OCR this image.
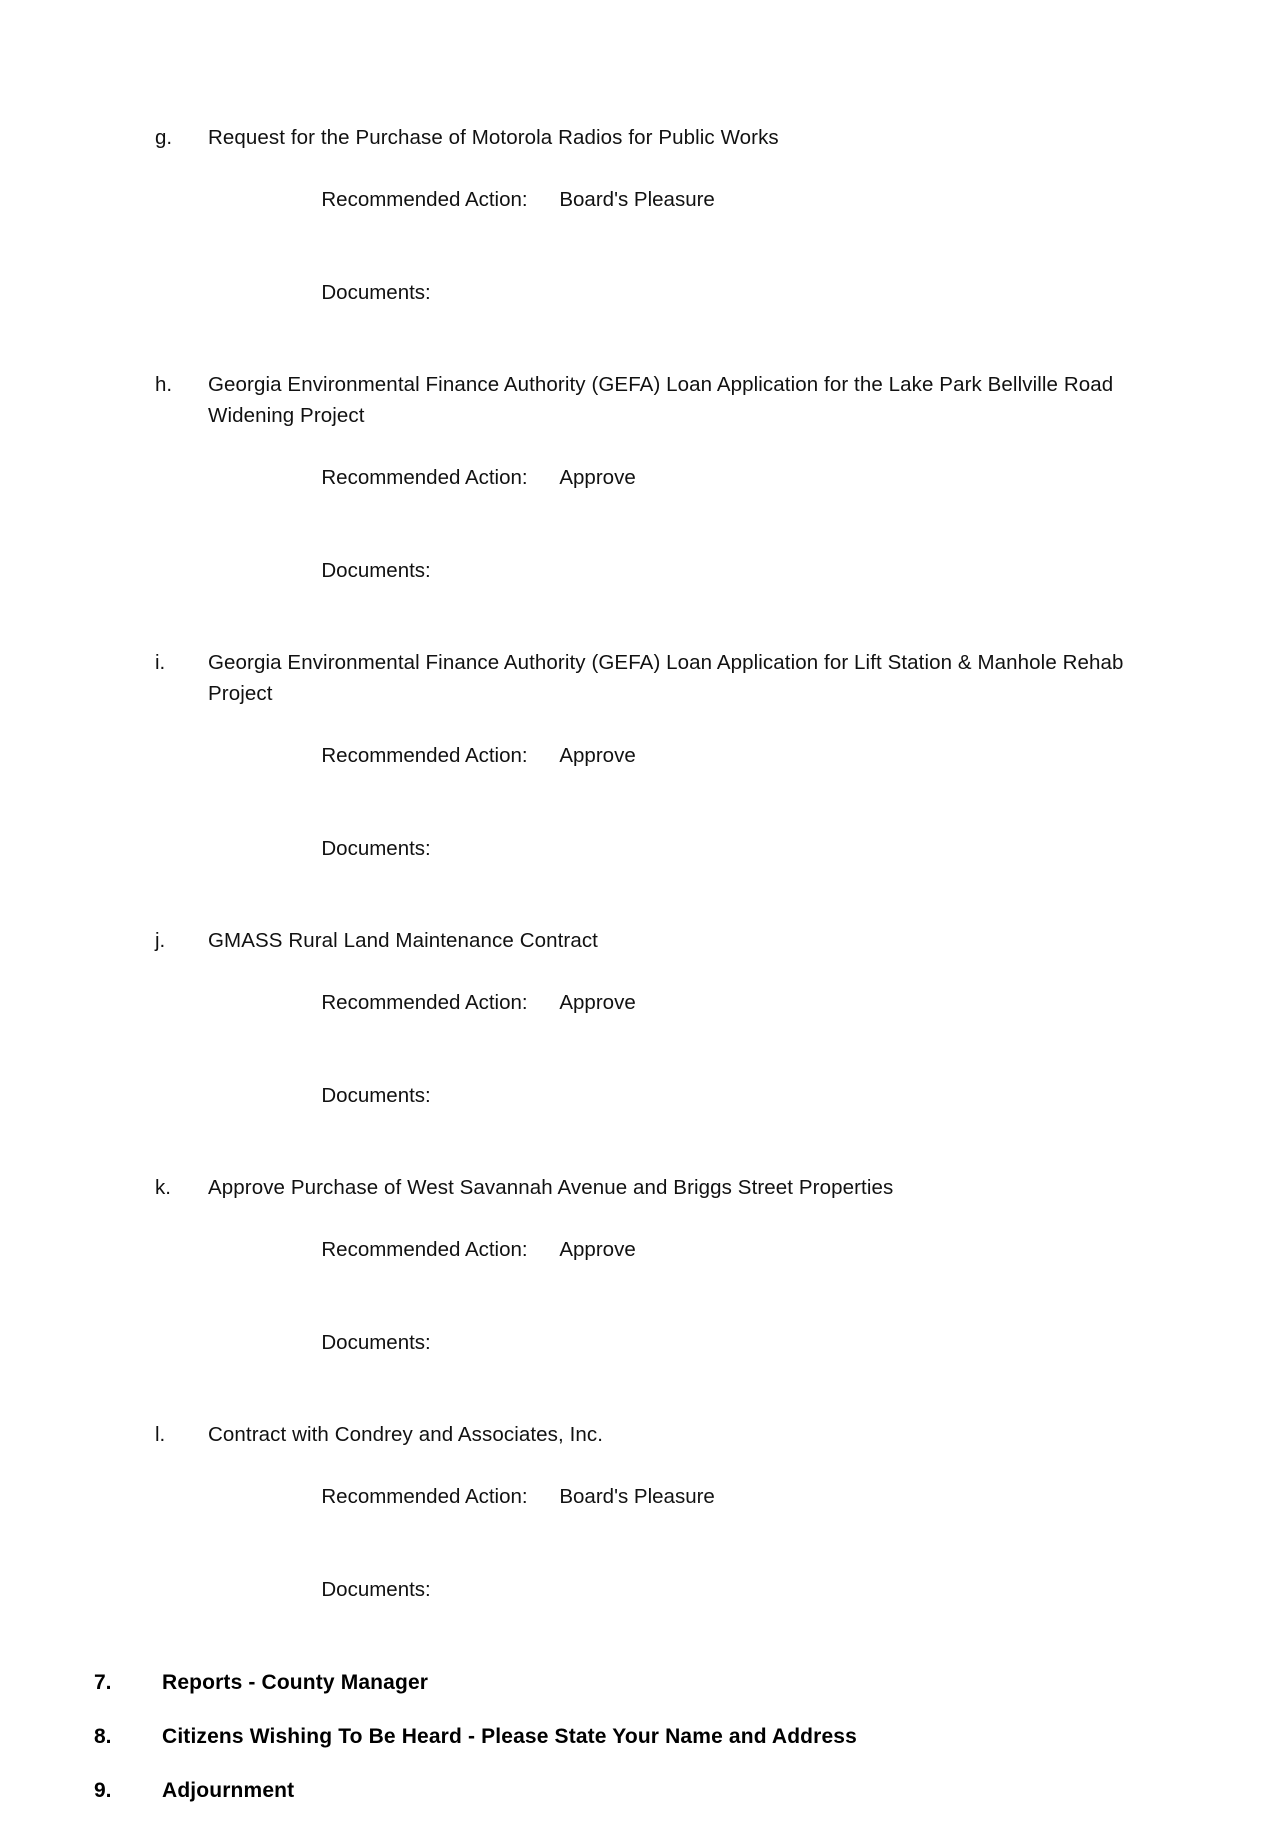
g.	Request for the Purchase of Motorola Radios for Public Works

Recommended Action: Board's Pleasure

Documents:

h.	Georgia Environmental Finance Authority (GEFA) Loan Application for the Lake Park Bellville Road Widening Project

Recommended Action: Approve

Documents:

i.	Georgia Environmental Finance Authority (GEFA) Loan Application for Lift Station & Manhole Rehab Project

Recommended Action: Approve

Documents:

j.	GMASS Rural Land Maintenance Contract

Recommended Action: Approve

Documents:

k.	Approve Purchase of West Savannah Avenue and Briggs Street Properties

Recommended Action: Approve

Documents:

l.	Contract with Condrey and Associates, Inc.

Recommended Action: Board's Pleasure

Documents:

7. Reports - County Manager
8. Citizens Wishing To Be Heard - Please State Your Name and Address
9. Adjournment
